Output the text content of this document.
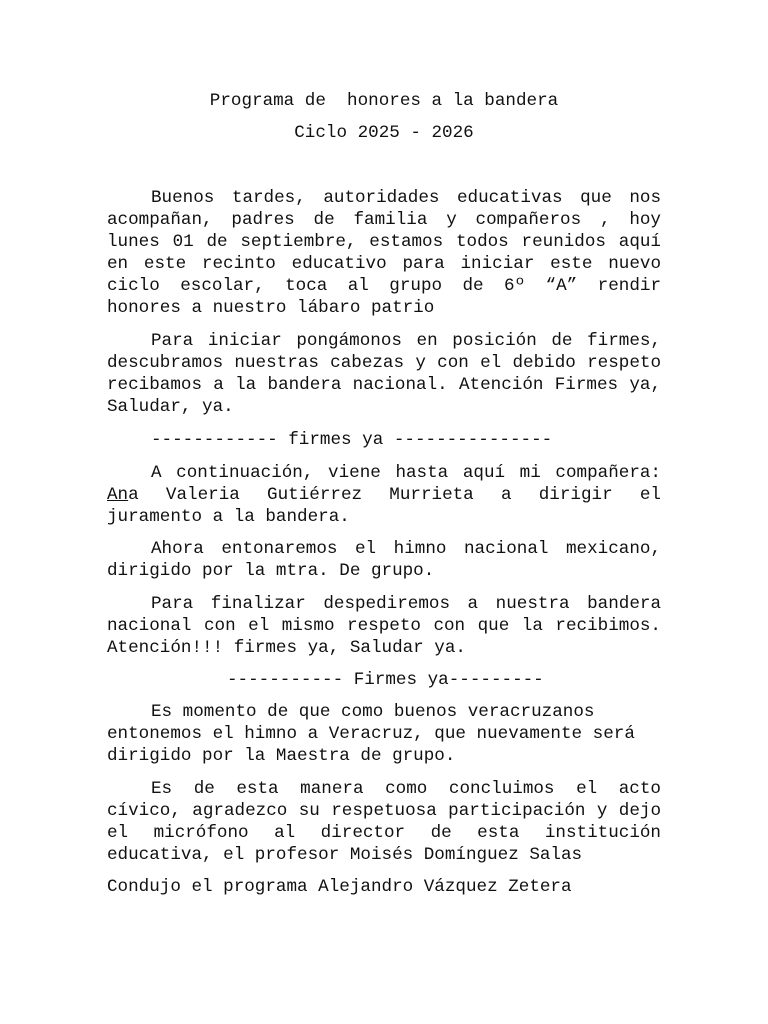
Programa de  honores a la bandera
Ciclo 2025 - 2026
Buenos tardes, autoridades educativas que nos
acompañan, padres de familia y compañeros , hoy
lunes 01 de septiembre, estamos todos reunidos aquí
en este recinto educativo para iniciar este nuevo
ciclo escolar, toca al grupo de 6º “A” rendir
honores a nuestro lábaro patrio
Para iniciar pongámonos en posición de firmes,
descubramos nuestras cabezas y con el debido respeto
recibamos a la bandera nacional. Atención Firmes ya,
Saludar, ya.
------------ firmes ya ---------------
A continuación, viene hasta aquí mi compañera:
Ana Valeria Gutiérrez Murrieta a dirigir el
juramento a la bandera.
Ahora entonaremos el himno nacional mexicano,
dirigido por la mtra. De grupo.
Para finalizar despediremos a nuestra bandera
nacional con el mismo respeto con que la recibimos.
Atención!!! firmes ya, Saludar ya.
----------- Firmes ya---------
Es momento de que como buenos veracruzanos
entonemos el himno a Veracruz, que nuevamente será
dirigido por la Maestra de grupo.
Es de esta manera como concluimos el acto
cívico, agradezco su respetuosa participación y dejo
el micrófono al director de esta institución
educativa, el profesor Moisés Domínguez Salas
Condujo el programa Alejandro Vázquez Zetera
